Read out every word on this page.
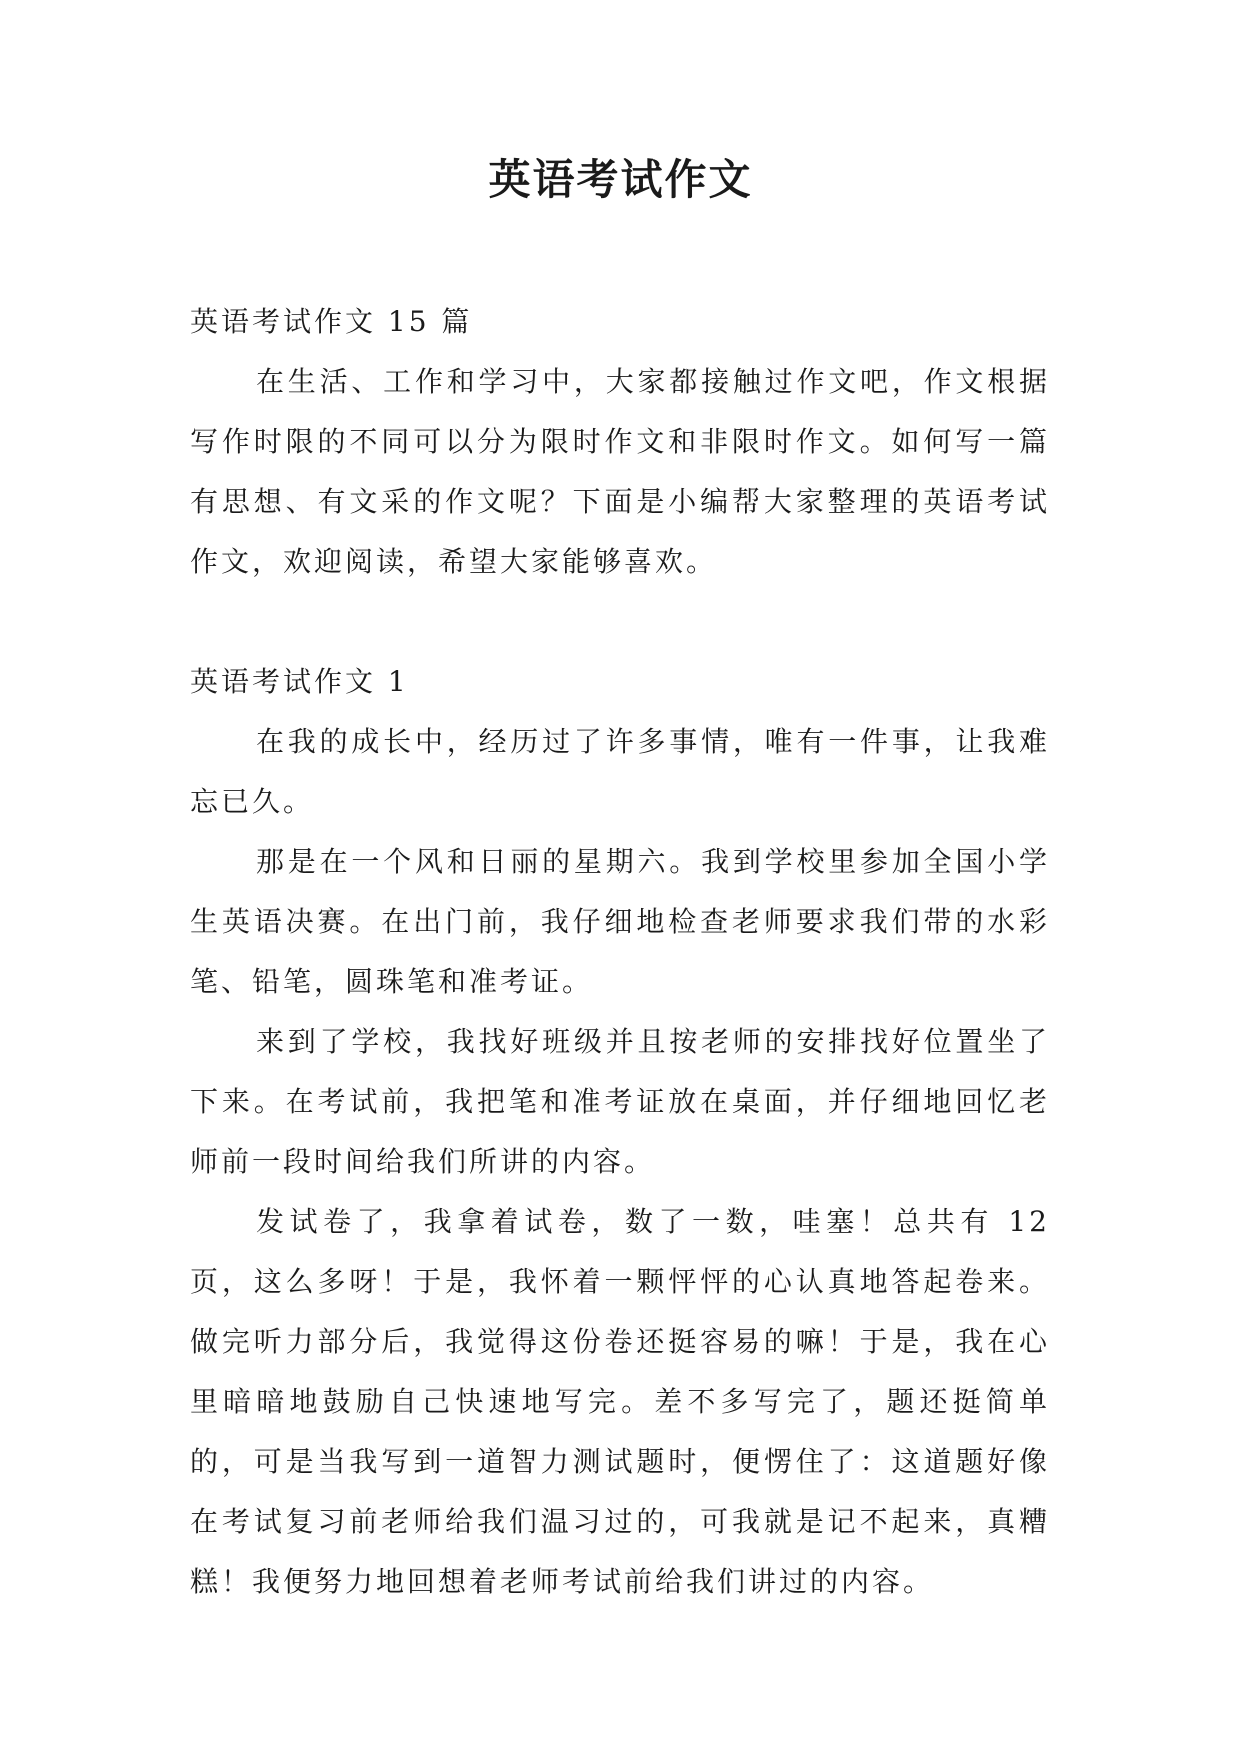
英语考试作文

英语考试作文 15 篇

在生活、工作和学习中，大家都接触过作文吧，作文根据写作时限的不同可以分为限时作文和非限时作文。如何写一篇有思想、有文采的作文呢？下面是小编帮大家整理的英语考试作文，欢迎阅读，希望大家能够喜欢。

英语考试作文 1

在我的成长中，经历过了许多事情，唯有一件事，让我难忘已久。

那是在一个风和日丽的星期六。我到学校里参加全国小学生英语决赛。在出门前，我仔细地检查老师要求我们带的水彩笔、铅笔，圆珠笔和准考证。

来到了学校，我找好班级并且按老师的安排找好位置坐了下来。在考试前，我把笔和准考证放在桌面，并仔细地回忆老师前一段时间给我们所讲的内容。

发试卷了，我拿着试卷，数了一数，哇塞！总共有 12 页，这么多呀！于是，我怀着一颗怦怦的心认真地答起卷来。做完听力部分后，我觉得这份卷还挺容易的嘛！于是，我在心里暗暗地鼓励自己快速地写完。差不多写完了，题还挺简单的，可是当我写到一道智力测试题时，便愣住了：这道题好像在考试复习前老师给我们温习过的，可我就是记不起来，真糟糕！我便努力地回想着老师考试前给我们讲过的内容。
